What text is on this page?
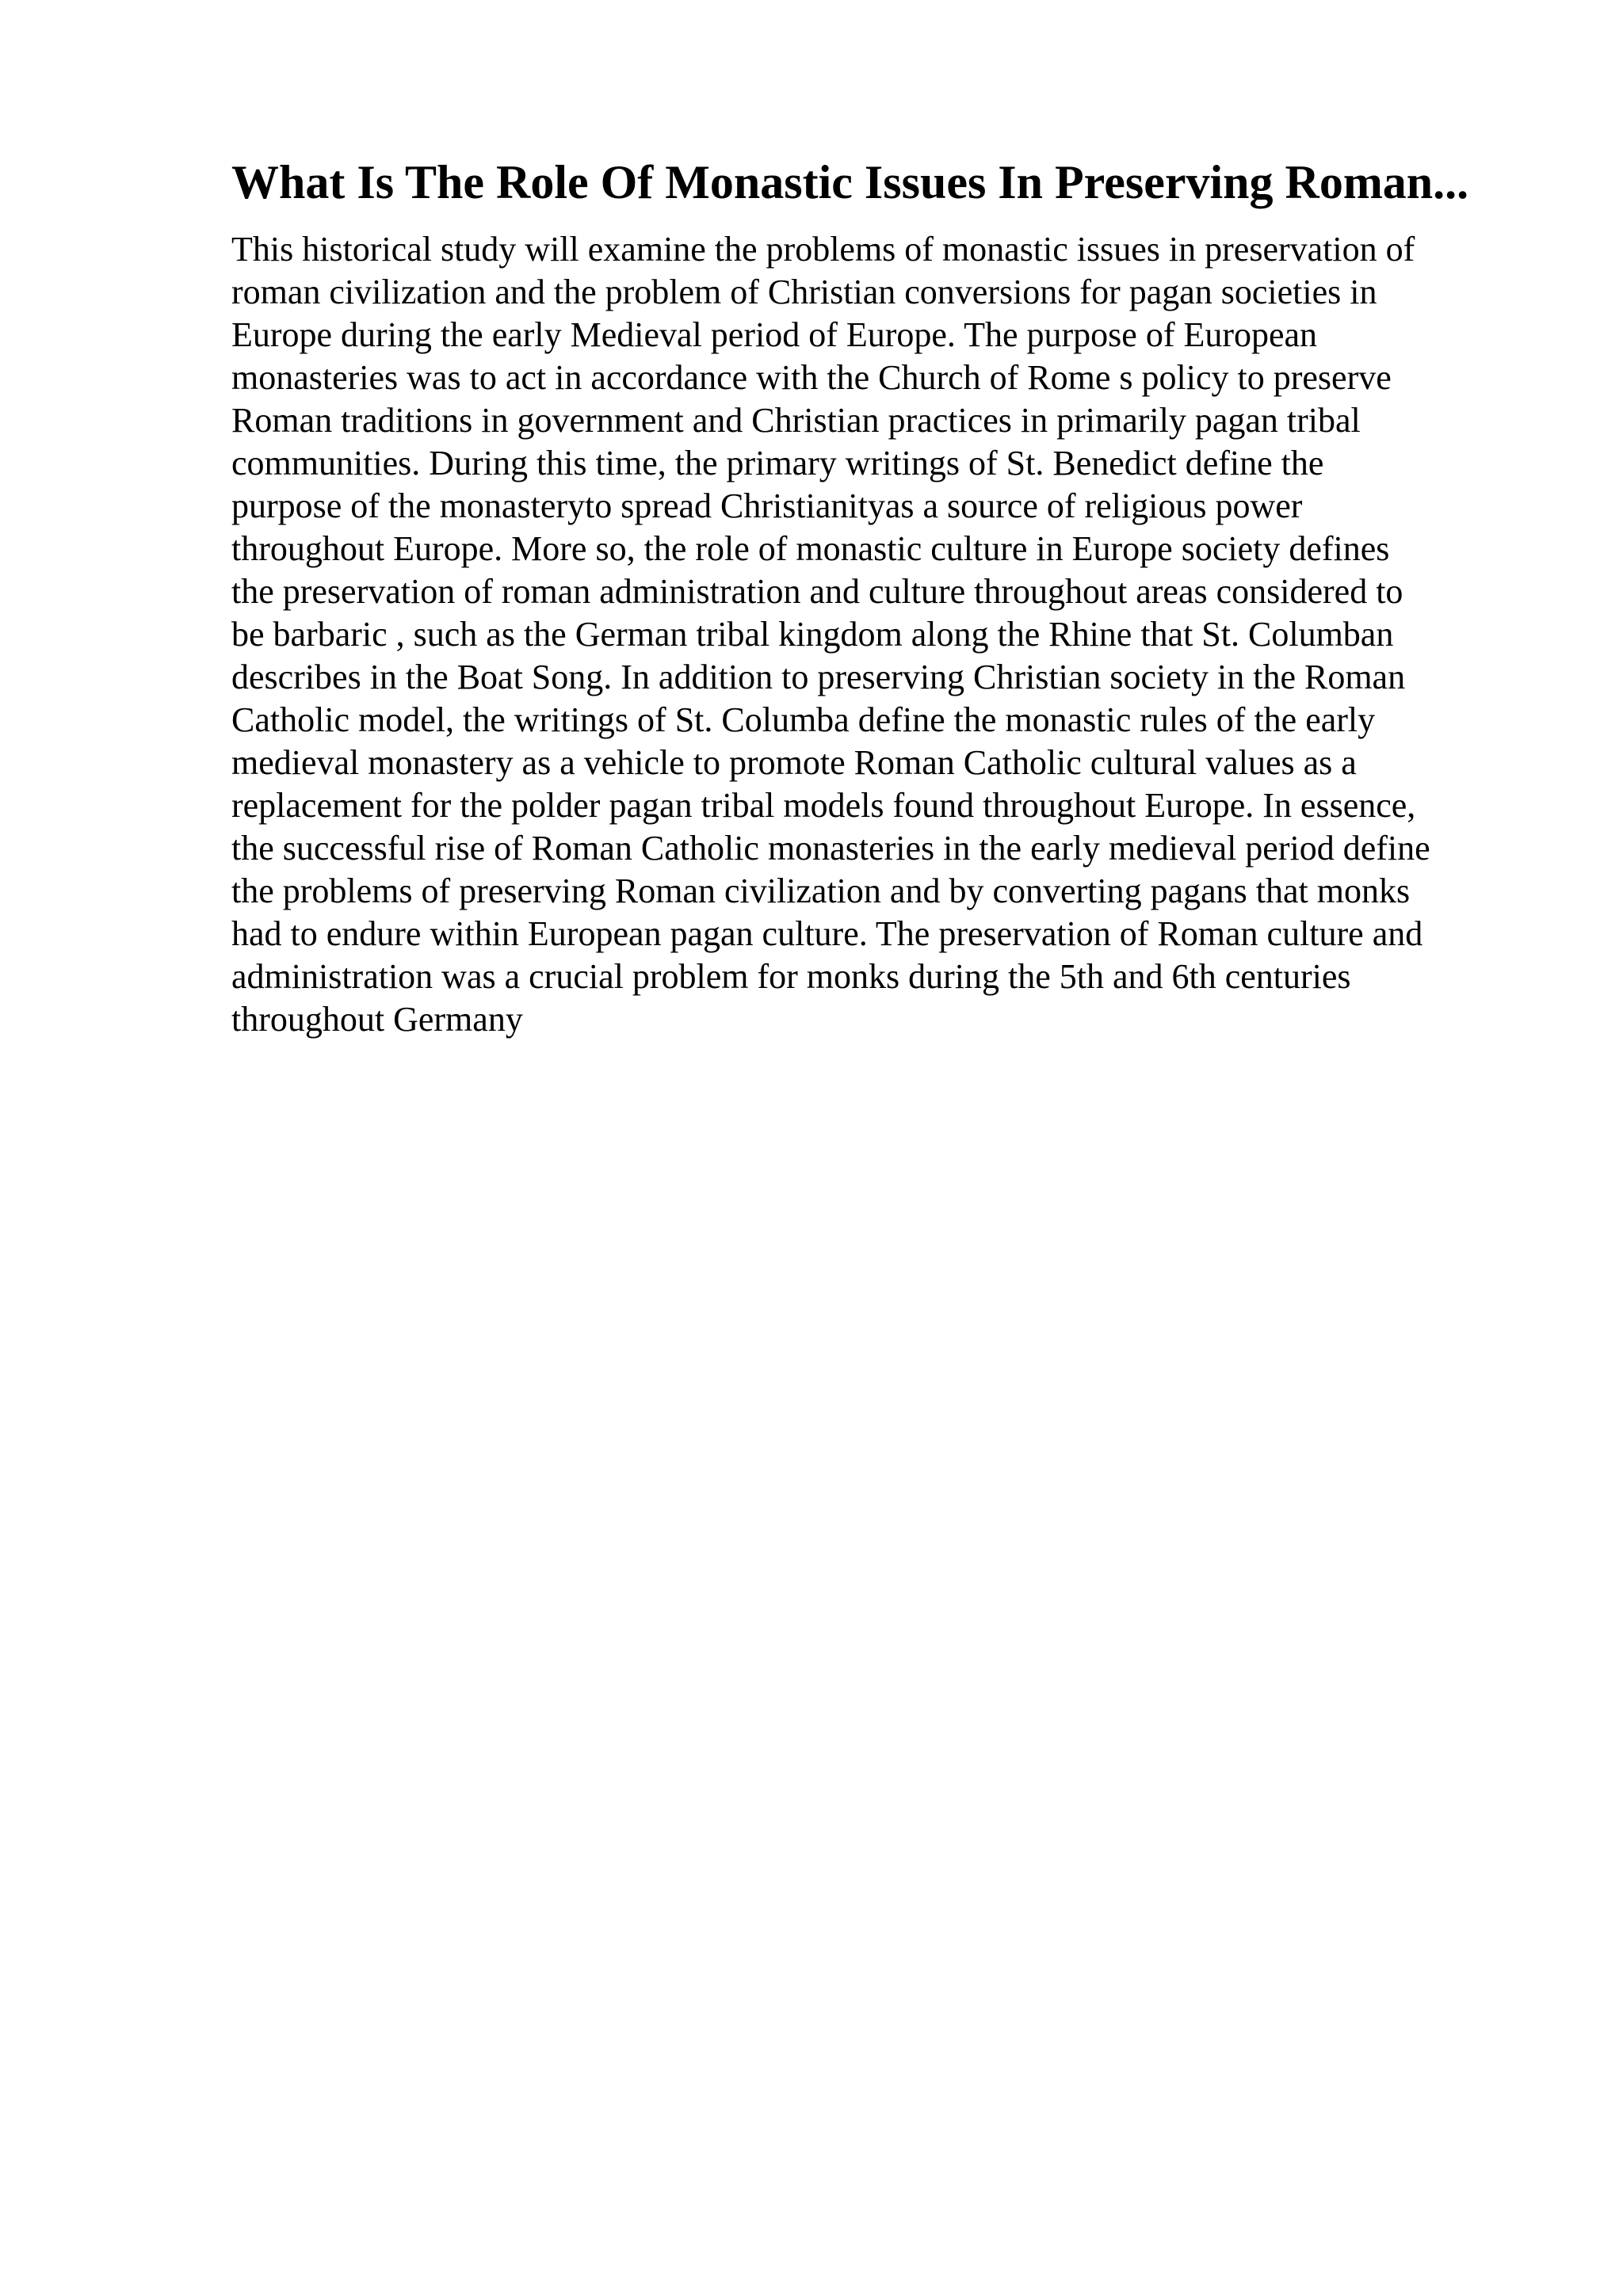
What Is The Role Of Monastic Issues In Preserving Roman...
This historical study will examine the problems of monastic issues in preservation of
roman civilization and the problem of Christian conversions for pagan societies in
Europe during the early Medieval period of Europe. The purpose of European
monasteries was to act in accordance with the Church of Rome s policy to preserve
Roman traditions in government and Christian practices in primarily pagan tribal
communities. During this time, the primary writings of St. Benedict define the
purpose of the monasteryto spread Christianityas a source of religious power
throughout Europe. More so, the role of monastic culture in Europe society defines
the preservation of roman administration and culture throughout areas considered to
be barbaric , such as the German tribal kingdom along the Rhine that St. Columban
describes in the Boat Song. In addition to preserving Christian society in the Roman
Catholic model, the writings of St. Columba define the monastic rules of the early
medieval monastery as a vehicle to promote Roman Catholic cultural values as a
replacement for the polder pagan tribal models found throughout Europe. In essence,
the successful rise of Roman Catholic monasteries in the early medieval period define
the problems of preserving Roman civilization and by converting pagans that monks
had to endure within European pagan culture. The preservation of Roman culture and
administration was a crucial problem for monks during the 5th and 6th centuries
throughout Germany
